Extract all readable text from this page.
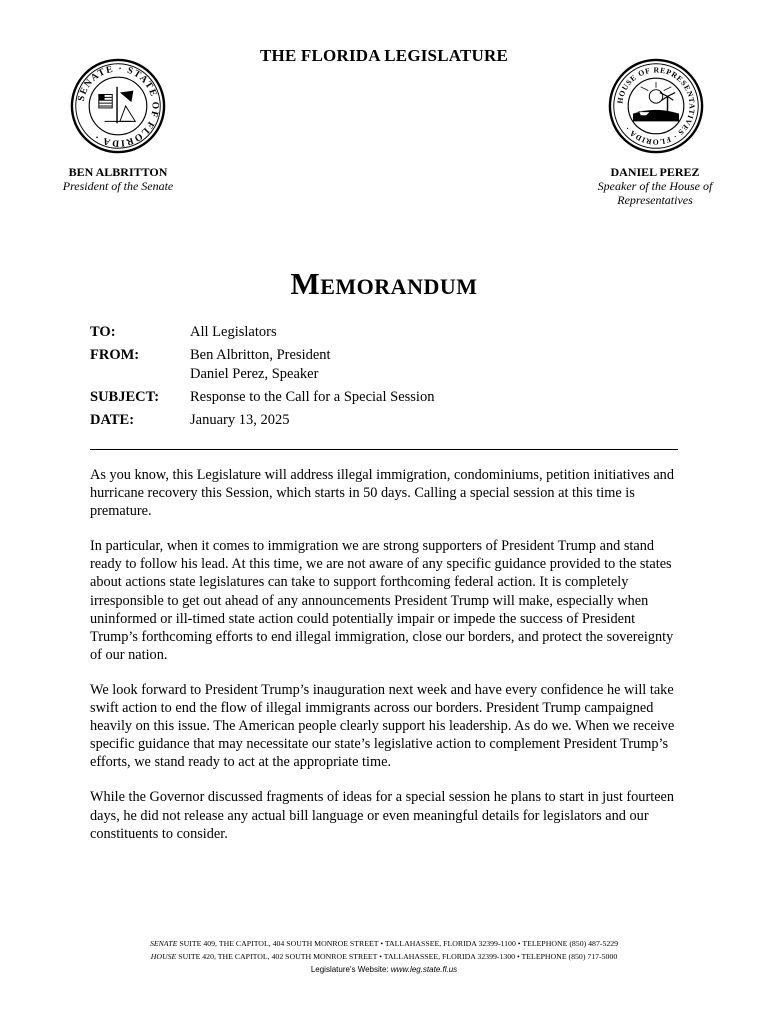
THE FLORIDA LEGISLATURE
SENATE · STATE OF FLORIDA ·
HOUSE OF REPRESENTATIVES · FLORIDA ·
BEN ALBRITTON
President of the Senate
DANIEL PEREZ
Speaker of the House of Representatives
Memorandum
TO:	All Legislators
FROM:	Ben Albritton, President
Daniel Perez, Speaker
SUBJECT:	Response to the Call for a Special Session
DATE:	January 13, 2025

As you know, this Legislature will address illegal immigration, condominiums, petition initiatives and hurricane recovery this Session, which starts in 50 days. Calling a special session at this time is premature.

In particular, when it comes to immigration we are strong supporters of President Trump and stand ready to follow his lead. At this time, we are not aware of any specific guidance provided to the states about actions state legislatures can take to support forthcoming federal action. It is completely irresponsible to get out ahead of any announcements President Trump will make, especially when uninformed or ill-timed state action could potentially impair or impede the success of President Trump’s forthcoming efforts to end illegal immigration, close our borders, and protect the sovereignty of our nation.

We look forward to President Trump’s inauguration next week and have every confidence he will take swift action to end the flow of illegal immigrants across our borders. President Trump campaigned heavily on this issue. The American people clearly support his leadership. As do we. When we receive specific guidance that may necessitate our state’s legislative action to complement President Trump’s efforts, we stand ready to act at the appropriate time.

While the Governor discussed fragments of ideas for a special session he plans to start in just fourteen days, he did not release any actual bill language or even meaningful details for legislators and our constituents to consider.

SENATE SUITE 409, THE CAPITOL, 404 SOUTH MONROE STREET • TALLAHASSEE, FLORIDA 32399-1100 • TELEPHONE (850) 487-5229
HOUSE SUITE 420, THE CAPITOL, 402 SOUTH MONROE STREET • TALLAHASSEE, FLORIDA 32399-1300 • TELEPHONE (850) 717-5000
Legislature's Website: www.leg.state.fl.us
